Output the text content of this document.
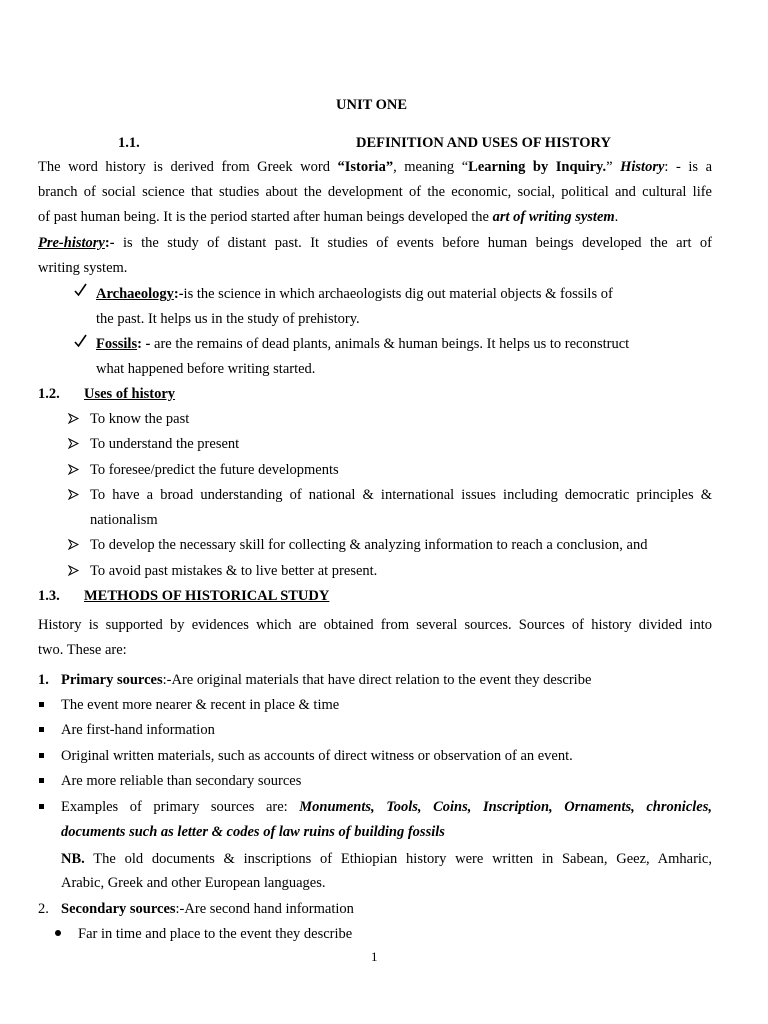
UNIT ONE
1.1.	DEFINITION AND USES OF HISTORY
The word history is derived from Greek word “Istoria”, meaning “Learning by Inquiry.” History: - is a
branch of social science that studies about the development of the economic, social, political and cultural life
of past human being. It is the period started after human beings developed the art of writing system.
Pre-history:- is the study of distant past. It studies of events before human beings developed the art of
writing system.
Archaeology:-is the science in which archaeologists dig out material objects & fossils of
the past. It helps us in the study of prehistory.
Fossils: - are the remains of dead plants, animals & human beings. It helps us to reconstruct
what happened before writing started.
1.2. Uses of history
To know the past
To understand the present
To foresee/predict the future developments
To have a broad understanding of national & international issues including democratic principles &
nationalism
To develop the necessary skill for collecting & analyzing information to reach a conclusion, and
To avoid past mistakes & to live better at present.
1.3. METHODS OF HISTORICAL STUDY
History is supported by evidences which are obtained from several sources. Sources of history divided into
two. These are:
1. Primary sources:-Are original materials that have direct relation to the event they describe
The event more nearer & recent in place & time
Are first-hand information
Original written materials, such as accounts of direct witness or observation of an event.
Are more reliable than secondary sources
Examples of primary sources are: Monuments, Tools, Coins, Inscription, Ornaments, chronicles,
documents such as letter & codes of law ruins of building fossils
NB. The old documents & inscriptions of Ethiopian history were written in Sabean, Geez, Amharic,
Arabic, Greek and other European languages.
2. Secondary sources:-Are second hand information
Far in time and place to the event they describe
1
